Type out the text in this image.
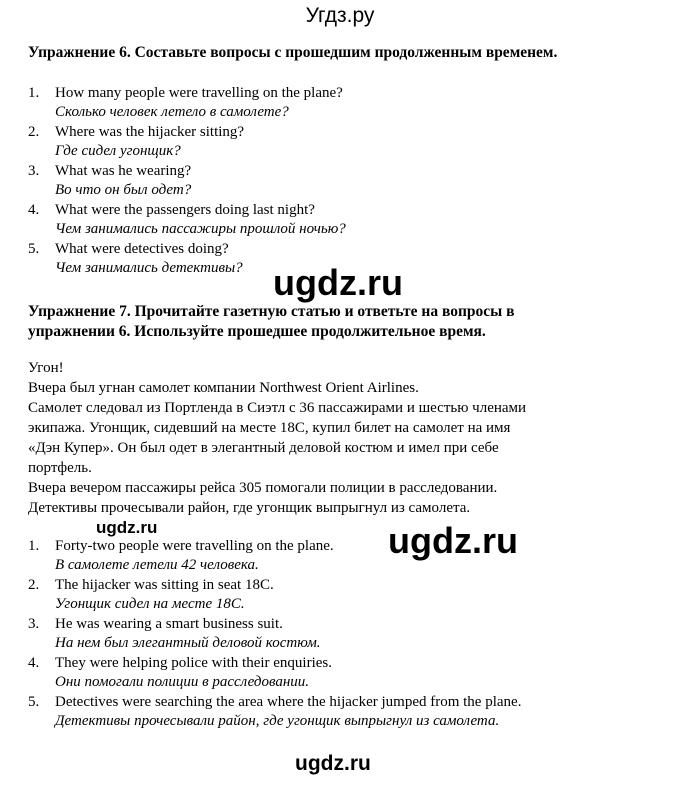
Угдз.ру
Упражнение 6. Составьте вопросы с прошедшим продолженным временем.
1. How many people were travelling on the plane?
Сколько человек летело в самолете?
2. Where was the hijacker sitting?
Где сидел угонщик?
3. What was he wearing?
Во что он был одет?
4. What were the passengers doing last night?
Чем занимались пассажиры прошлой ночью?
5. What were detectives doing?
Чем занимались детективы? ugdz.ru
Упражнение 7. Прочитайте газетную статью и ответьте на вопросы в
упражнении 6. Используйте прошедшее продолжительное время.
Угон!
Вчера был угнан самолет компании Northwest Orient Airlines.
Самолет следовал из Портленда в Сиэтл с 36 пассажирами и шестью членами
экипажа. Угонщик, сидевший на месте 18С, купил билет на самолет на имя
«Дэн Купер». Он был одет в элегантный деловой костюм и имел при себе
портфель.
Вчера вечером пассажиры рейса 305 помогали полиции в расследовании.
Детективы прочесывали район, где угонщик выпрыгнул из самолета.
ugdz.ru	ugdz.ru
1. Forty-two people were travelling on the plane.
В самолете летели 42 человека.
2. The hijacker was sitting in seat 18C.
Угонщик сидел на месте 18С.
3. He was wearing a smart business suit.
На нем был элегантный деловой костюм.
4. They were helping police with their enquiries.
Они помогали полиции в расследовании.
5. Detectives were searching the area where the hijacker jumped from the plane.
Детективы прочесывали район, где угонщик выпрыгнул из самолета.
ugdz.ru
